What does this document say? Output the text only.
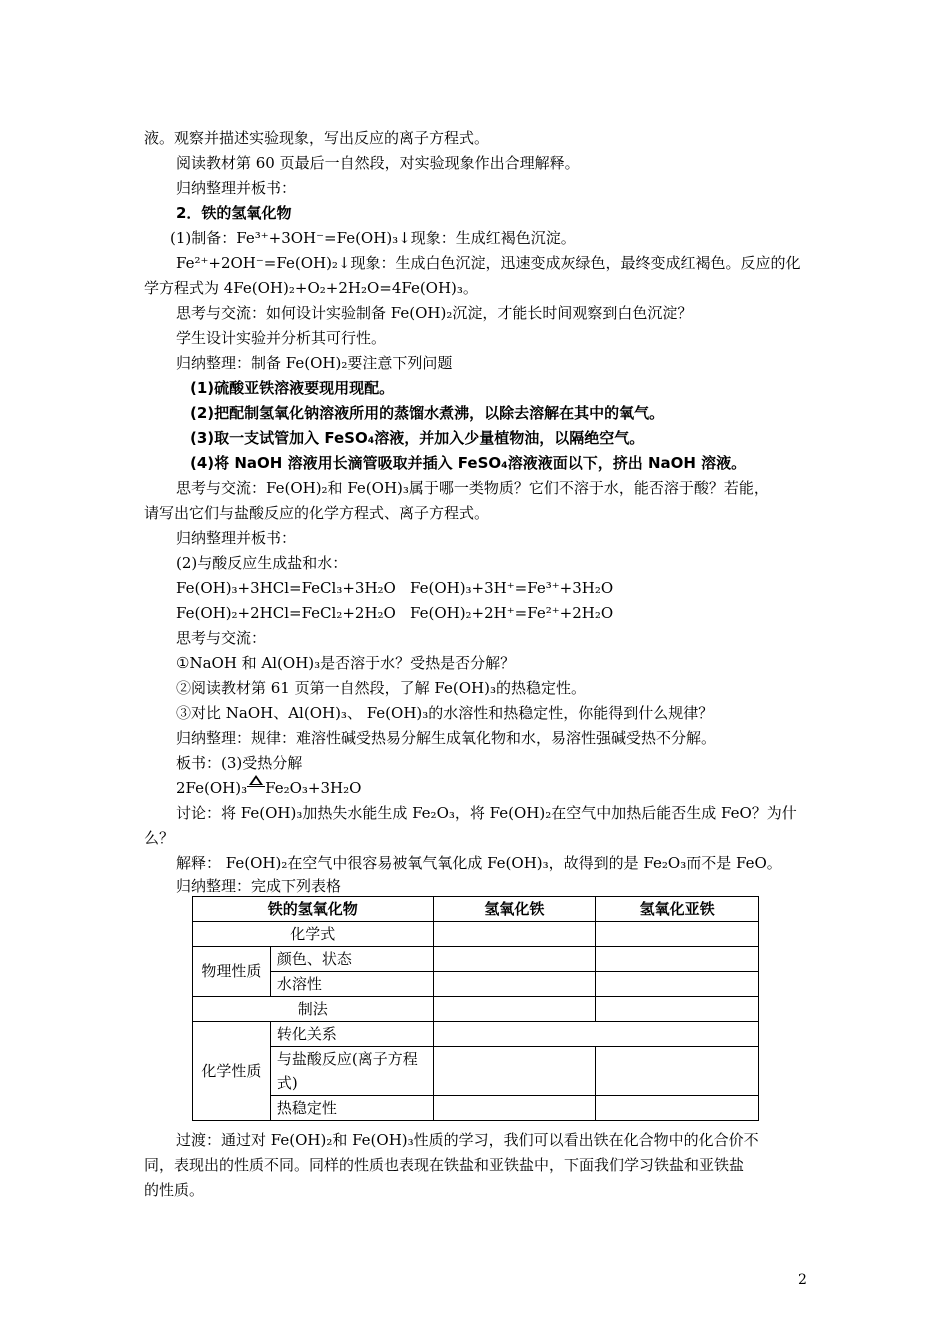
液。观察并描述实验现象，写出反应的离子方程式。
阅读教材第 60 页最后一自然段，对实验现象作出合理解释。
归纳整理并板书：
2．铁的氢氧化物
(1)制备：Fe³⁺+3OH⁻=Fe(OH)₃↓现象：生成红褐色沉淀。
Fe²⁺+2OH⁻=Fe(OH)₂↓现象：生成白色沉淀，迅速变成灰绿色，最终变成红褐色。反应的化
学方程式为 4Fe(OH)₂+O₂+2H₂O=4Fe(OH)₃。
思考与交流：如何设计实验制备 Fe(OH)₂沉淀，才能长时间观察到白色沉淀？
学生设计实验并分析其可行性。
归纳整理：制备 Fe(OH)₂要注意下列问题
(1)硫酸亚铁溶液要现用现配。
(2)把配制氢氧化钠溶液所用的蒸馏水煮沸，以除去溶解在其中的氧气。
(3)取一支试管加入 FeSO₄溶液，并加入少量植物油，以隔绝空气。
(4)将 NaOH 溶液用长滴管吸取并插入 FeSO₄溶液液面以下，挤出 NaOH 溶液。
思考与交流：Fe(OH)₂和 Fe(OH)₃属于哪一类物质？它们不溶于水，能否溶于酸？若能，
请写出它们与盐酸反应的化学方程式、离子方程式。
归纳整理并板书：
(2)与酸反应生成盐和水：
Fe(OH)₃+3HCl=FeCl₃+3H₂O Fe(OH)₃+3H⁺=Fe³⁺+3H₂O
Fe(OH)₂+2HCl=FeCl₂+2H₂O Fe(OH)₂+2H⁺=Fe²⁺+2H₂O
思考与交流：
①NaOH 和 Al(OH)₃是否溶于水？受热是否分解？
②阅读教材第 61 页第一自然段，了解 Fe(OH)₃的热稳定性。
③对比 NaOH、Al(OH)₃、 Fe(OH)₃的水溶性和热稳定性，你能得到什么规律？
归纳整理：规律：难溶性碱受热易分解生成氧化物和水，易溶性强碱受热不分解。
板书：(3)受热分解
2Fe(OH)₃ Fe₂O₃+3H₂O
讨论：将 Fe(OH)₃加热失水能生成 Fe₂O₃，将 Fe(OH)₂在空气中加热后能否生成 FeO？为什
么？
解释： Fe(OH)₂在空气中很容易被氧气氧化成 Fe(OH)₃，故得到的是 Fe₂O₃而不是 FeO。
归纳整理：完成下列表格
铁的氢氧化物		氢氧化铁	氢氧化亚铁
化学式			
物理性质	颜色、状态		
	水溶性		
制法			
化学性质	转化关系		
	与盐酸反应(离子方程式)		
	热稳定性		
过渡：通过对 Fe(OH)₂和 Fe(OH)₃性质的学习，我们可以看出铁在化合物中的化合价不
同，表现出的性质不同。同样的性质也表现在铁盐和亚铁盐中，下面我们学习铁盐和亚铁盐
的性质。
2
